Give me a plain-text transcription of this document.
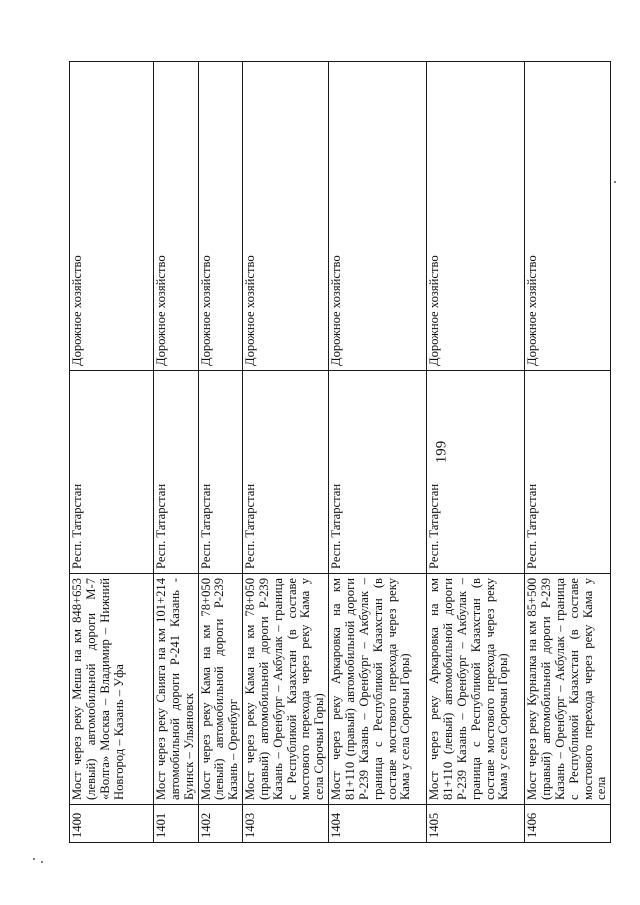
199
1400	Мост через реку Меша на км 848+653 (левый) автомобильной дороги М-7 «Волга» Москва – Владимир – Нижний Новгород – Казань – Уфа	Респ. Татарстан	Дорожное хозяйство
1401	Мост через реку Свияга на км 101+214 автомобильной дороги Р-241 Казань - Буинск – Ульяновск	Респ. Татарстан	Дорожное хозяйство
1402	Мост через реку Кама на км 78+050 (левый) автомобильной дороги Р-239 Казань – Оренбург	Респ. Татарстан	Дорожное хозяйство
1403	Мост через реку Кама на км 78+050 (правый) автомобильной дороги Р-239 Казань – Оренбург – Акбулак – граница с Республикой Казахстан (в составе мостового перехода через реку Кама у села Сорочьи Горы)	Респ. Татарстан	Дорожное хозяйство
1404	Мост через реку Аркаровка на км 81+110 (правый) автомобильной дороги Р-239 Казань – Оренбург – Акбулак – граница с Республикой Казахстан (в составе мостового перехода через реку Кама у села Сорочьи Горы)	Респ. Татарстан	Дорожное хозяйство
1405	Мост через реку Аркаровка на км 81+110 (левый) автомобильной дороги Р-239 Казань – Оренбург – Акбулак – граница с Республикой Казахстан (в составе мостового перехода через реку Кама у села Сорочьи Горы)	Респ. Татарстан	Дорожное хозяйство
1406	Мост через реку Курналка на км 85+500 (правый) автомобильной дороги Р-239 Казань – Оренбург – Акбулак – граница с Республикой Казахстан (в составе мостового перехода через реку Кама у села	Респ. Татарстан	Дорожное хозяйство
